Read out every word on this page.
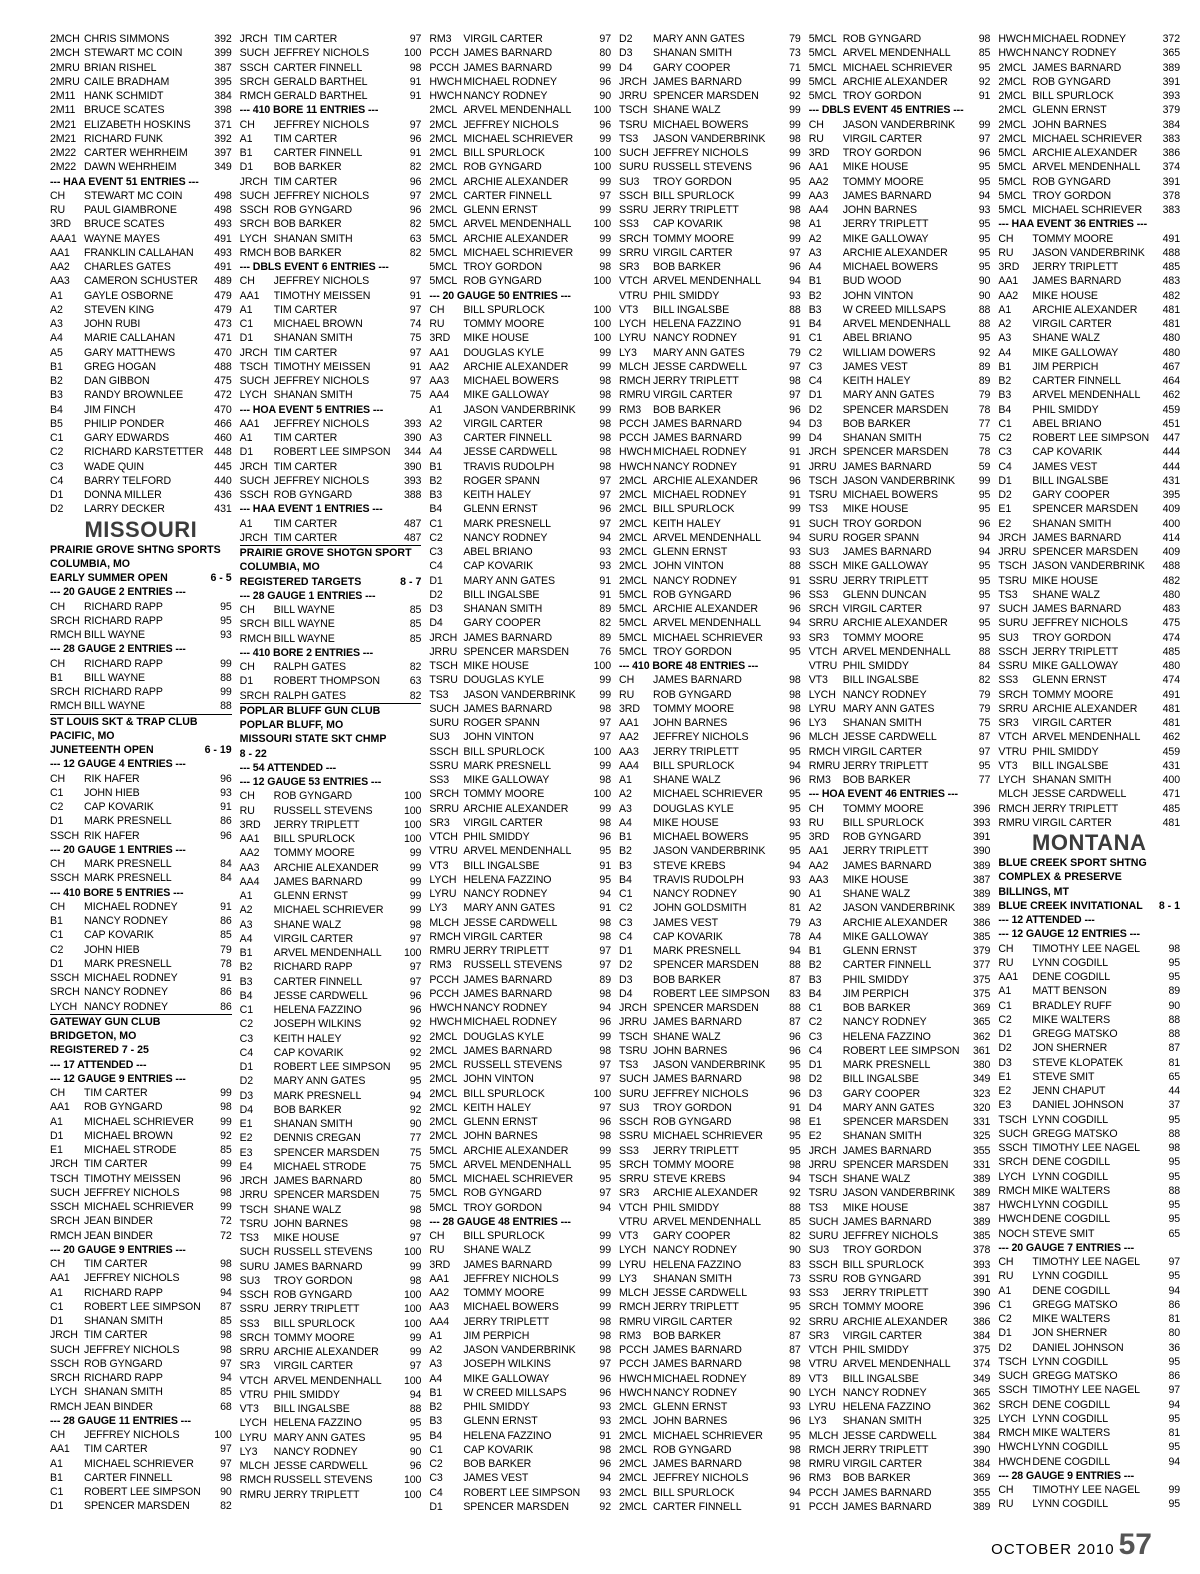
2MCH CHRIS SIMMONS	392
2MCH STEWART MC COIN	399
2MRU BRIAN RISHEL	387
2MRU CAILE BRADHAM	395
2M11 HANK SCHMIDT	384
2M11 BRUCE SCATES	398
2M21 ELIZABETH HOSKINS	371
2M21 RICHARD FUNK	392
2M22 CARTER WEHRHEIM	397
2M22 DAWN WEHRHEIM	349
--- HAA EVENT 51 ENTRIES ---
CH	STEWART MC COIN	498
RU	PAUL GIAMBRONE	498
3RD	BRUCE SCATES	493
AAA1 WAYNE MAYES	491
AA1	FRANKLIN CALLAHAN	493
AA2	CHARLES GATES	491
AA3	CAMERON SCHUSTER	489
A1	GAYLE OSBORNE	479
A2	STEVEN KING	479
A3	JOHN RUBI	473
A4	MARIE CALLAHAN	471
A5	GARY MATTHEWS	470
B1	GREG HOGAN	488
B2	DAN GIBBON	475
B3	RANDY BROWNLEE	472
B4	JIM FINCH	470
B5	PHILIP PONDER	466
C1	GARY EDWARDS	460
C2	RICHARD KARSTETTER	448
C3	WADE QUIN	445
C4	BARRY TELFORD	440
D1	DONNA MILLER	436
D2	LARRY DECKER	431
MISSOURI
PRAIRIE GROVE SHTNG SPORTS
COLUMBIA, MO
EARLY SUMMER OPEN	6 - 5
--- 20 GAUGE 2 ENTRIES ---
CH	RICHARD RAPP	95
SRCH RICHARD RAPP	95
RMCH BILL WAYNE	93
--- 28 GAUGE 2 ENTRIES ---
CH	RICHARD RAPP	99
B1	BILL WAYNE	88
SRCH RICHARD RAPP	99
RMCH BILL WAYNE	88
ST LOUIS SKT & TRAP CLUB
PACIFIC, MO
JUNETEENTH OPEN	6 - 19
--- 12 GAUGE 4 ENTRIES ---
CH	RIK HAFER	96
C1	JOHN HIEB	93
C2	CAP KOVARIK	91
D1	MARK PRESNELL	86
SSCH RIK HAFER	96
--- 20 GAUGE 1 ENTRIES ---
CH	MARK PRESNELL	84
SSCH MARK PRESNELL	84
--- 410 BORE 5 ENTRIES ---
CH	MICHAEL RODNEY	91
B1	NANCY RODNEY	86
C1	CAP KOVARIK	85
C2	JOHN HIEB	79
D1	MARK PRESNELL	78
SSCH MICHAEL RODNEY	91
SRCH NANCY RODNEY	86
LYCH NANCY RODNEY	86
GATEWAY GUN CLUB
BRIDGETON, MO
REGISTERED 7 - 25
--- 17 ATTENDED ---
--- 12 GAUGE 9 ENTRIES ---
CH	TIM CARTER	99
AA1	ROB GYNGARD	98
A1	MICHAEL SCHRIEVER	99
D1	MICHAEL BROWN	92
E1	MICHAEL STRODE	85
JRCH TIM CARTER	99
TSCH TIMOTHY MEISSEN	96
SUCH JEFFREY NICHOLS	98
SSCH MICHAEL SCHRIEVER	99
SRCH JEAN BINDER	72
RMCH JEAN BINDER	72
--- 20 GAUGE 9 ENTRIES ---
CH	TIM CARTER	98
AA1	JEFFREY NICHOLS	98
A1	RICHARD RAPP	94
C1	ROBERT LEE SIMPSON	87
D1	SHANAN SMITH	85
JRCH TIM CARTER	98
SUCH JEFFREY NICHOLS	98
SSCH ROB GYNGARD	97
SRCH RICHARD RAPP	94
LYCH SHANAN SMITH	85
RMCH JEAN BINDER	68
--- 28 GAUGE 11 ENTRIES ---
CH	JEFFREY NICHOLS	100
AA1	TIM CARTER	97
A1	MICHAEL SCHRIEVER	97
B1	CARTER FINNELL	98
C1	ROBERT LEE SIMPSON	90
D1	SPENCER MARSDEN	82
JRCH TIM CARTER	97
SUCH JEFFREY NICHOLS	100
SSCH CARTER FINNELL	98
SRCH GERALD BARTHEL	91
RMCH GERALD BARTHEL	91
--- 410 BORE 11 ENTRIES ---
CH	JEFFREY NICHOLS	97
A1	TIM CARTER	96
B1	CARTER FINNELL	91
D1	BOB BARKER	82
JRCH TIM CARTER	96
SUCH JEFFREY NICHOLS	97
SSCH ROB GYNGARD	96
SRCH BOB BARKER	82
LYCH SHANAN SMITH	63
RMCH BOB BARKER	82
--- DBLS EVENT 6 ENTRIES ---
CH	JEFFREY NICHOLS	97
AA1	TIMOTHY MEISSEN	91
A1	TIM CARTER	97
C1	MICHAEL BROWN	74
D1	SHANAN SMITH	75
JRCH TIM CARTER	97
TSCH TIMOTHY MEISSEN	91
SUCH JEFFREY NICHOLS	97
LYCH SHANAN SMITH	75
--- HOA EVENT 5 ENTRIES ---
AA1	JEFFREY NICHOLS	393
A1	TIM CARTER	390
D1	ROBERT LEE SIMPSON	344
JRCH TIM CARTER	390
SUCH JEFFREY NICHOLS	393
SSCH ROB GYNGARD	388
--- HAA EVENT 1 ENTRIES ---
A1	TIM CARTER	487
JRCH TIM CARTER	487
PRAIRIE GROVE SHOTGN SPORT
COLUMBIA, MO
REGISTERED TARGETS	8 - 7
--- 28 GAUGE 1 ENTRIES ---
CH	BILL WAYNE	85
SRCH BILL WAYNE	85
RMCH BILL WAYNE	85
--- 410 BORE 2 ENTRIES ---
CH	RALPH GATES	82
D1	ROBERT THOMPSON	63
SRCH RALPH GATES	82
POPLAR BLUFF GUN CLUB
POPLAR BLUFF, MO
MISSOURI STATE SKT CHMP
8 - 22
--- 54 ATTENDED ---
--- 12 GAUGE 53 ENTRIES ---
CH	ROB GYNGARD	100
RU	RUSSELL STEVENS	100
3RD	JERRY TRIPLETT	100
AA1	BILL SPURLOCK	100
AA2	TOMMY MOORE	99
AA3	ARCHIE ALEXANDER	99
AA4	JAMES BARNARD	99
A1	GLENN ERNST	99
A2	MICHAEL SCHRIEVER	99
A3	SHANE WALZ	98
A4	VIRGIL CARTER	97
B1	ARVEL MENDENHALL	100
B2	RICHARD RAPP	97
B3	CARTER FINNELL	97
B4	JESSE CARDWELL	96
C1	HELENA FAZZINO	96
C2	JOSEPH WILKINS	92
C3	KEITH HALEY	92
C4	CAP KOVARIK	92
D1	ROBERT LEE SIMPSON	95
D2	MARY ANN GATES	95
D3	MARK PRESNELL	94
D4	BOB BARKER	92
E1	SHANAN SMITH	90
E2	DENNIS CREGAN	77
E3	SPENCER MARSDEN	75
E4	MICHAEL STRODE	75
JRCH JAMES BARNARD	80
JRRU SPENCER MARSDEN	75
TSCH SHANE WALZ	98
TSRU JOHN BARNES	98
TS3	MIKE HOUSE	97
SUCH RUSSELL STEVENS	100
SURU JAMES BARNARD	99
SU3	TROY GORDON	98
SSCH ROB GYNGARD	100
SSRU JERRY TRIPLETT	100
SS3	BILL SPURLOCK	100
SRCH TOMMY MOORE	99
SRRU ARCHIE ALEXANDER	99
SR3	VIRGIL CARTER	97
VTCH ARVEL MENDENHALL	100
VTRU PHIL SMIDDY	94
VT3	BILL INGALSBE	88
LYCH HELENA FAZZINO	95
LYRU MARY ANN GATES	95
LY3	NANCY RODNEY	90
MLCH JESSE CARDWELL	96
RMCH RUSSELL STEVENS	100
RMRU JERRY TRIPLETT	100
RM3	VIRGIL CARTER	97
PCCH JAMES BARNARD	80
PCCH JAMES BARNARD	99
HWCH MICHAEL RODNEY	96
HWCH NANCY RODNEY	90
2MCL ARVEL MENDENHALL	100
2MCL JEFFREY NICHOLS	96
2MCL MICHAEL SCHRIEVER	99
2MCL BILL SPURLOCK	100
2MCL ROB GYNGARD	100
2MCL ARCHIE ALEXANDER	99
2MCL CARTER FINNELL	97
2MCL GLENN ERNST	99
5MCL ARVEL MENDENHALL	100
5MCL ARCHIE ALEXANDER	99
5MCL MICHAEL SCHRIEVER	99
5MCL TROY GORDON	98
5MCL ROB GYNGARD	100
--- 20 GAUGE 50 ENTRIES ---
CH	BILL SPURLOCK	100
RU	TOMMY MOORE	100
3RD	MIKE HOUSE	100
AA1	DOUGLAS KYLE	99
AA2	ARCHIE ALEXANDER	99
AA3	MICHAEL BOWERS	98
AA4	MIKE GALLOWAY	98
A1	JASON VANDERBRINK	99
A2	VIRGIL CARTER	98
A3	CARTER FINNELL	98
A4	JESSE CARDWELL	98
B1	TRAVIS RUDOLPH	98
B2	ROGER SPANN	97
B3	KEITH HALEY	97
B4	GLENN ERNST	96
C1	MARK PRESNELL	97
C2	NANCY RODNEY	94
C3	ABEL BRIANO	93
C4	CAP KOVARIK	93
D1	MARY ANN GATES	91
D2	BILL INGALSBE	91
D3	SHANAN SMITH	89
D4	GARY COOPER	82
JRCH JAMES BARNARD	89
JRRU SPENCER MARSDEN	76
TSCH MIKE HOUSE	100
TSRU DOUGLAS KYLE	99
TS3	JASON VANDERBRINK	99
SUCH JAMES BARNARD	98
SURU ROGER SPANN	97
SU3	JOHN VINTON	97
SSCH BILL SPURLOCK	100
SSRU MARK PRESNELL	99
SS3	MIKE GALLOWAY	98
SRCH TOMMY MOORE	100
SRRU ARCHIE ALEXANDER	99
SR3	VIRGIL CARTER	98
VTCH PHIL SMIDDY	96
VTRU ARVEL MENDENHALL	95
VT3	BILL INGALSBE	91
LYCH HELENA FAZZINO	95
LYRU NANCY RODNEY	94
LY3	MARY ANN GATES	91
MLCH JESSE CARDWELL	98
RMCH VIRGIL CARTER	98
RMRU JERRY TRIPLETT	97
RM3	RUSSELL STEVENS	97
PCCH JAMES BARNARD	89
PCCH JAMES BARNARD	98
HWCH NANCY RODNEY	94
HWCH MICHAEL RODNEY	96
2MCL DOUGLAS KYLE	99
2MCL JAMES BARNARD	98
2MCL RUSSELL STEVENS	97
2MCL JOHN VINTON	97
2MCL BILL SPURLOCK	100
2MCL KEITH HALEY	97
2MCL GLENN ERNST	96
2MCL JOHN BARNES	98
5MCL ARCHIE ALEXANDER	99
5MCL ARVEL MENDENHALL	95
5MCL MICHAEL SCHRIEVER	95
5MCL ROB GYNGARD	97
5MCL TROY GORDON	94
--- 28 GAUGE 48 ENTRIES ---
CH	BILL SPURLOCK	99
RU	SHANE WALZ	99
3RD	JAMES BARNARD	99
AA1	JEFFREY NICHOLS	99
AA2	TOMMY MOORE	99
AA3	MICHAEL BOWERS	99
AA4	JERRY TRIPLETT	98
A1	JIM PERPICH	98
A2	JASON VANDERBRINK	98
A3	JOSEPH WILKINS	97
A4	MIKE GALLOWAY	96
B1	W CREED MILLSAPS	96
B2	PHIL SMIDDY	93
B3	GLENN ERNST	93
B4	HELENA FAZZINO	91
C1	CAP KOVARIK	98
C2	BOB BARKER	96
C3	JAMES VEST	94
C4	ROBERT LEE SIMPSON	93
D1	SPENCER MARSDEN	92
D2	MARY ANN GATES	79
D3	SHANAN SMITH	73
D4	GARY COOPER	71
JRCH JAMES BARNARD	99
JRRU SPENCER MARSDEN	92
TSCH SHANE WALZ	99
TSRU MICHAEL BOWERS	99
TS3	JASON VANDERBRINK	98
SUCH JEFFREY NICHOLS	99
SURU RUSSELL STEVENS	96
SU3	TROY GORDON	95
SSCH BILL SPURLOCK	99
SSRU JERRY TRIPLETT	98
SS3	CAP KOVARIK	98
SRCH TOMMY MOORE	99
SRRU VIRGIL CARTER	97
SR3	BOB BARKER	96
VTCH ARVEL MENDENHALL	94
VTRU PHIL SMIDDY	93
VT3	BILL INGALSBE	88
LYCH HELENA FAZZINO	91
LYRU NANCY RODNEY	91
LY3	MARY ANN GATES	79
MLCH JESSE CARDWELL	97
RMCH JERRY TRIPLETT	98
RMRU VIRGIL CARTER	97
RM3	BOB BARKER	96
PCCH JAMES BARNARD	94
PCCH JAMES BARNARD	99
HWCH MICHAEL RODNEY	91
HWCH NANCY RODNEY	91
2MCL ARCHIE ALEXANDER	96
2MCL MICHAEL RODNEY	91
2MCL BILL SPURLOCK	99
2MCL KEITH HALEY	91
2MCL ARVEL MENDENHALL	94
2MCL GLENN ERNST	93
2MCL JOHN VINTON	88
2MCL NANCY RODNEY	91
5MCL ROB GYNGARD	96
5MCL ARCHIE ALEXANDER	96
5MCL ARVEL MENDENHALL	94
5MCL MICHAEL SCHRIEVER	93
5MCL TROY GORDON	95
--- 410 BORE 48 ENTRIES ---
CH	JAMES BARNARD	98
RU	ROB GYNGARD	98
3RD	TOMMY MOORE	98
AA1	JOHN BARNES	96
AA2	JEFFREY NICHOLS	96
AA3	JERRY TRIPLETT	95
AA4	BILL SPURLOCK	94
A1	SHANE WALZ	96
A2	MICHAEL SCHRIEVER	95
A3	DOUGLAS KYLE	95
A4	MIKE HOUSE	93
B1	MICHAEL BOWERS	95
B2	JASON VANDERBRINK	95
B3	STEVE KREBS	94
B4	TRAVIS RUDOLPH	93
C1	NANCY RODNEY	90
C2	JOHN GOLDSMITH	81
C3	JAMES VEST	79
C4	CAP KOVARIK	78
D1	MARK PRESNELL	94
D2	SPENCER MARSDEN	88
D3	BOB BARKER	87
D4	ROBERT LEE SIMPSON	83
JRCH SPENCER MARSDEN	88
JRRU JAMES BARNARD	87
TSCH SHANE WALZ	96
TSRU JOHN BARNES	96
TS3	JASON VANDERBRINK	95
SUCH JAMES BARNARD	98
SURU JEFFREY NICHOLS	96
SU3	TROY GORDON	91
SSCH ROB GYNGARD	98
SSRU MICHAEL SCHRIEVER	95
SS3	JERRY TRIPLETT	95
SRCH TOMMY MOORE	98
SRRU STEVE KREBS	94
SR3	ARCHIE ALEXANDER	92
VTCH PHIL SMIDDY	88
VTRU ARVEL MENDENHALL	85
VT3	GARY COOPER	82
LYCH NANCY RODNEY	90
LYRU HELENA FAZZINO	83
LY3	SHANAN SMITH	73
MLCH JESSE CARDWELL	93
RMCH JERRY TRIPLETT	95
RMRU VIRGIL CARTER	92
RM3	BOB BARKER	87
PCCH JAMES BARNARD	87
PCCH JAMES BARNARD	98
HWCH MICHAEL RODNEY	89
HWCH NANCY RODNEY	90
2MCL GLENN ERNST	93
2MCL JOHN BARNES	96
2MCL MICHAEL SCHRIEVER	95
2MCL ROB GYNGARD	98
2MCL JAMES BARNARD	98
2MCL JEFFREY NICHOLS	96
2MCL BILL SPURLOCK	94
2MCL CARTER FINNELL	91
5MCL ROB GYNGARD	98
5MCL ARVEL MENDENHALL	85
5MCL MICHAEL SCHRIEVER	95
5MCL ARCHIE ALEXANDER	92
5MCL TROY GORDON	91
--- DBLS EVENT 45 ENTRIES ---
CH	JASON VANDERBRINK	99
RU	VIRGIL CARTER	97
3RD	TROY GORDON	96
AA1	MIKE HOUSE	95
AA2	TOMMY MOORE	95
AA3	JAMES BARNARD	94
AA4	JOHN BARNES	93
A1	JERRY TRIPLETT	95
A2	MIKE GALLOWAY	95
A3	ARCHIE ALEXANDER	95
A4	MICHAEL BOWERS	95
B1	BUD WOOD	90
B2	JOHN VINTON	90
B3	W CREED MILLSAPS	88
B4	ARVEL MENDENHALL	88
C1	ABEL BRIANO	95
C2	WILLIAM DOWERS	92
C3	JAMES VEST	89
C4	KEITH HALEY	89
D1	MARY ANN GATES	79
D2	SPENCER MARSDEN	78
D3	BOB BARKER	77
D4	SHANAN SMITH	75
JRCH SPENCER MARSDEN	78
JRRU JAMES BARNARD	59
TSCH JASON VANDERBRINK	99
TSRU MICHAEL BOWERS	95
TS3	MIKE HOUSE	95
SUCH TROY GORDON	96
SURU ROGER SPANN	94
SU3	JAMES BARNARD	94
SSCH MIKE GALLOWAY	95
SSRU JERRY TRIPLETT	95
SS3	GLENN DUNCAN	95
SRCH VIRGIL CARTER	97
SRRU ARCHIE ALEXANDER	95
SR3	TOMMY MOORE	95
VTCH ARVEL MENDENHALL	88
VTRU PHIL SMIDDY	84
VT3	BILL INGALSBE	82
LYCH NANCY RODNEY	79
LYRU MARY ANN GATES	79
LY3	SHANAN SMITH	75
MLCH JESSE CARDWELL	87
RMCH VIRGIL CARTER	97
RMRU JERRY TRIPLETT	95
RM3	BOB BARKER	77
--- HOA EVENT 46 ENTRIES ---
CH	TOMMY MOORE	396
RU	BILL SPURLOCK	393
3RD	ROB GYNGARD	391
AA1	JERRY TRIPLETT	390
AA2	JAMES BARNARD	389
AA3	MIKE HOUSE	387
A1	SHANE WALZ	389
A2	JASON VANDERBRINK	389
A3	ARCHIE ALEXANDER	386
A4	MIKE GALLOWAY	385
B1	GLENN ERNST	379
B2	CARTER FINNELL	377
B3	PHIL SMIDDY	375
B4	JIM PERPICH	375
C1	BOB BARKER	369
C2	NANCY RODNEY	365
C3	HELENA FAZZINO	362
C4	ROBERT LEE SIMPSON	361
D1	MARK PRESNELL	380
D2	BILL INGALSBE	349
D3	GARY COOPER	323
D4	MARY ANN GATES	320
E1	SPENCER MARSDEN	331
E2	SHANAN SMITH	325
JRCH JAMES BARNARD	355
JRRU SPENCER MARSDEN	331
TSCH SHANE WALZ	389
TSRU JASON VANDERBRINK	389
TS3	MIKE HOUSE	387
SUCH JAMES BARNARD	389
SURU JEFFREY NICHOLS	385
SU3	TROY GORDON	378
SSCH BILL SPURLOCK	393
SSRU ROB GYNGARD	391
SS3	JERRY TRIPLETT	390
SRCH TOMMY MOORE	396
SRRU ARCHIE ALEXANDER	386
SR3	VIRGIL CARTER	384
VTCH PHIL SMIDDY	375
VTRU ARVEL MENDENHALL	374
VT3	BILL INGALSBE	349
LYCH NANCY RODNEY	365
LYRU HELENA FAZZINO	362
LY3	SHANAN SMITH	325
MLCH JESSE CARDWELL	384
RMCH JERRY TRIPLETT	390
RMRU VIRGIL CARTER	384
RM3	BOB BARKER	369
PCCH JAMES BARNARD	355
PCCH JAMES BARNARD	389
HWCH MICHAEL RODNEY	372
HWCH NANCY RODNEY	365
2MCL JAMES BARNARD	389
2MCL ROB GYNGARD	391
2MCL BILL SPURLOCK	393
2MCL GLENN ERNST	379
2MCL JOHN BARNES	384
2MCL MICHAEL SCHRIEVER	383
5MCL ARCHIE ALEXANDER	386
5MCL ARVEL MENDENHALL	374
5MCL ROB GYNGARD	391
5MCL TROY GORDON	378
5MCL MICHAEL SCHRIEVER	383
--- HAA EVENT 36 ENTRIES ---
CH	TOMMY MOORE	491
RU	JASON VANDERBRINK	488
3RD	JERRY TRIPLETT	485
AA1	JAMES BARNARD	483
AA2	MIKE HOUSE	482
A1	ARCHIE ALEXANDER	481
A2	VIRGIL CARTER	481
A3	SHANE WALZ	480
A4	MIKE GALLOWAY	480
B1	JIM PERPICH	467
B2	CARTER FINNELL	464
B3	ARVEL MENDENHALL	462
B4	PHIL SMIDDY	459
C1	ABEL BRIANO	451
C2	ROBERT LEE SIMPSON	447
C3	CAP KOVARIK	444
C4	JAMES VEST	444
D1	BILL INGALSBE	431
D2	GARY COOPER	395
E1	SPENCER MARSDEN	409
E2	SHANAN SMITH	400
JRCH JAMES BARNARD	414
JRRU SPENCER MARSDEN	409
TSCH JASON VANDERBRINK	488
TSRU MIKE HOUSE	482
TS3	SHANE WALZ	480
SUCH JAMES BARNARD	483
SURU JEFFREY NICHOLS	475
SU3	TROY GORDON	474
SSCH JERRY TRIPLETT	485
SSRU MIKE GALLOWAY	480
SS3	GLENN ERNST	474
SRCH TOMMY MOORE	491
SRRU ARCHIE ALEXANDER	481
SR3	VIRGIL CARTER	481
VTCH ARVEL MENDENHALL	462
VTRU PHIL SMIDDY	459
VT3	BILL INGALSBE	431
LYCH SHANAN SMITH	400
MLCH JESSE CARDWELL	471
RMCH JERRY TRIPLETT	485
RMRU VIRGIL CARTER	481
MONTANA
BLUE CREEK SPORT SHTNG
COMPLEX & PRESERVE
BILLINGS, MT
BLUE CREEK INVITATIONAL	8 - 1
--- 12 ATTENDED ---
--- 12 GAUGE 12 ENTRIES ---
CH	TIMOTHY LEE NAGEL	98
RU	LYNN COGDILL	95
AA1	DENE COGDILL	95
A1	MATT BENSON	89
C1	BRADLEY RUFF	90
C2	MIKE WALTERS	88
D1	GREGG MATSKO	88
D2	JON SHERNER	87
D3	STEVE KLOPATEK	81
E1	STEVE SMIT	65
E2	JENN CHAPUT	44
E3	DANIEL JOHNSON	37
TSCH LYNN COGDILL	95
SUCH GREGG MATSKO	88
SSCH TIMOTHY LEE NAGEL	98
SRCH DENE COGDILL	95
LYCH LYNN COGDILL	95
RMCH MIKE WALTERS	88
HWCH LYNN COGDILL	95
HWCH DENE COGDILL	95
NOCH STEVE SMIT	65
--- 20 GAUGE 7 ENTRIES ---
CH	TIMOTHY LEE NAGEL	97
RU	LYNN COGDILL	95
A1	DENE COGDILL	94
C1	GREGG MATSKO	86
C2	MIKE WALTERS	81
D1	JON SHERNER	80
D2	DANIEL JOHNSON	36
TSCH LYNN COGDILL	95
SUCH GREGG MATSKO	86
SSCH TIMOTHY LEE NAGEL	97
SRCH DENE COGDILL	94
LYCH LYNN COGDILL	95
RMCH MIKE WALTERS	81
HWCH LYNN COGDILL	95
HWCH DENE COGDILL	94
--- 28 GAUGE 9 ENTRIES ---
CH	TIMOTHY LEE NAGEL	99
RU	LYNN COGDILL	95
OCTOBER 2010 57
